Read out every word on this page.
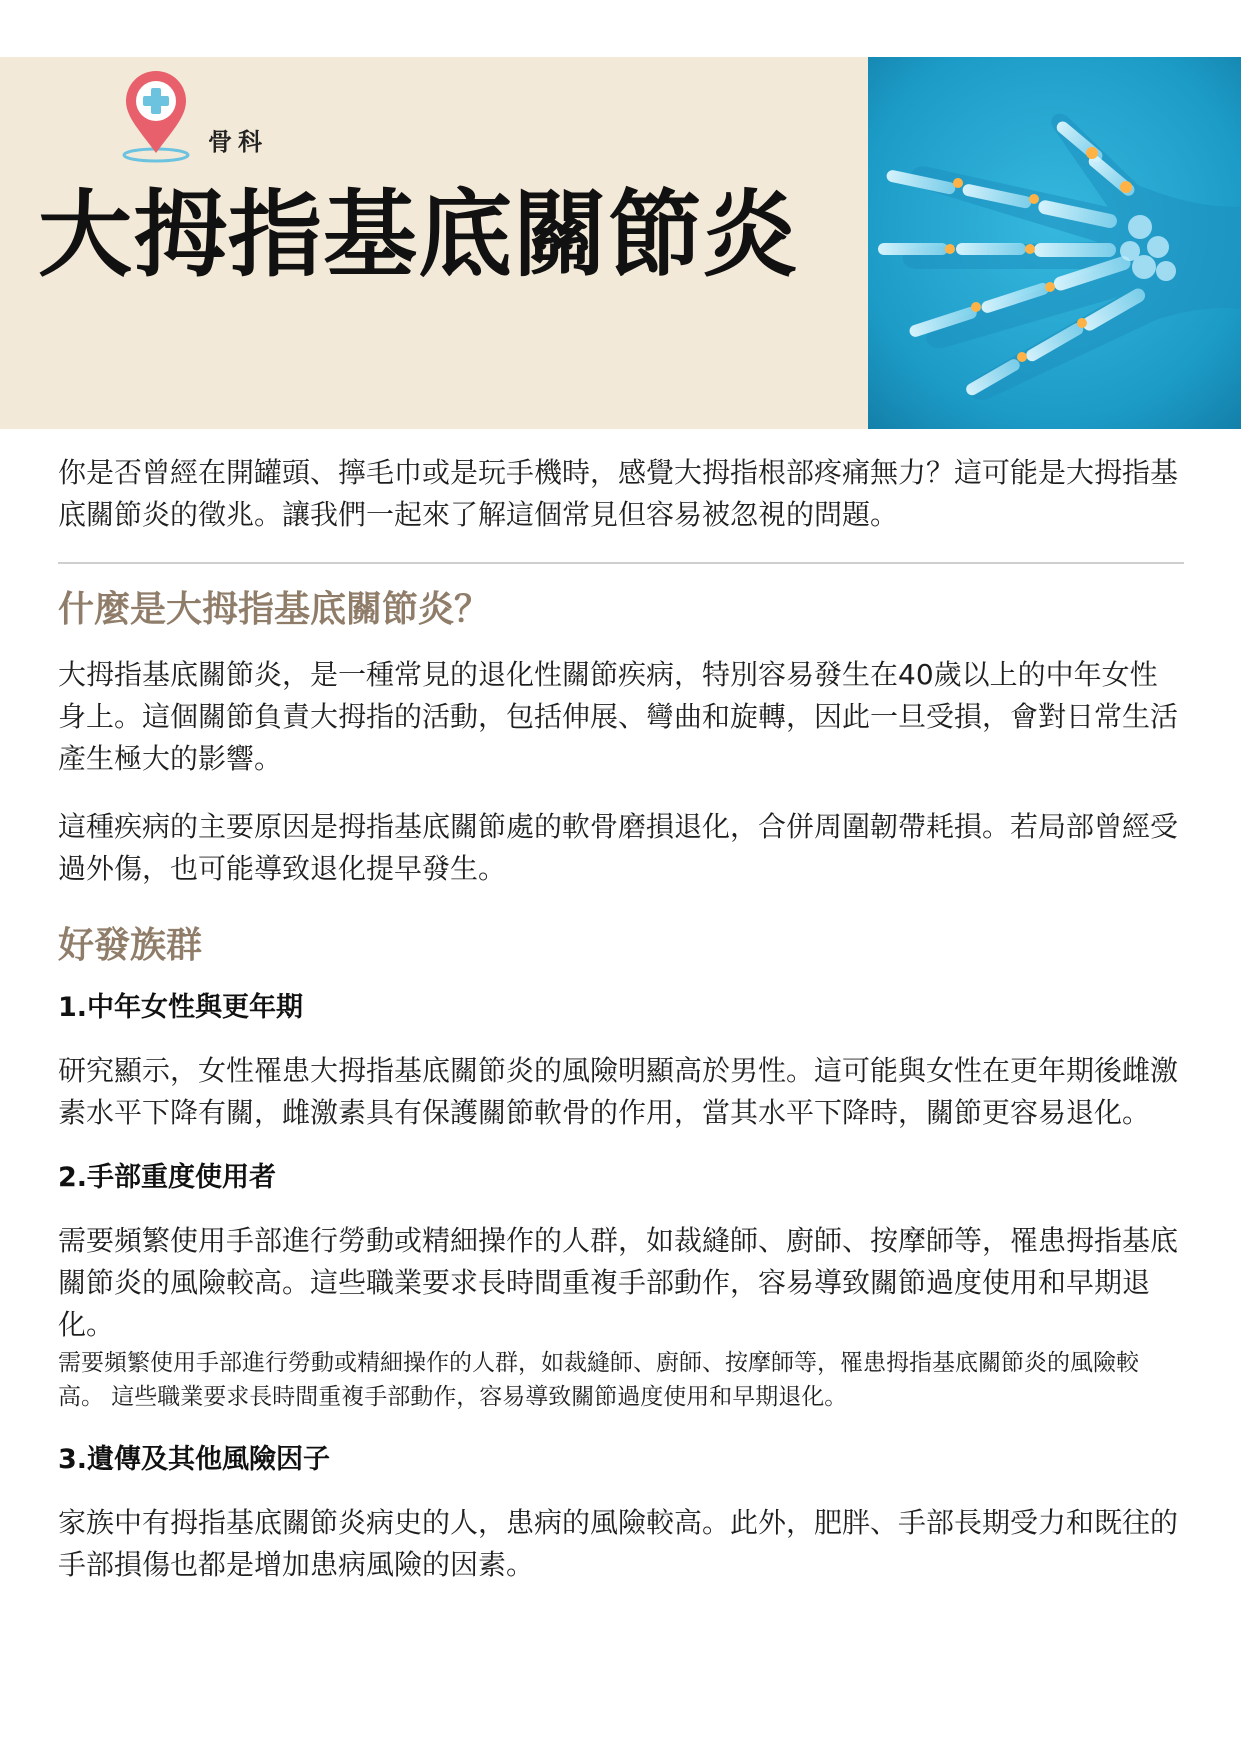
骨科
大拇指基底關節炎

你是否曾經在開罐頭、擰毛巾或是玩手機時，感覺大拇指根部疼痛無力？這可能是大拇指基底關節炎的徵兆。讓我們一起來了解這個常見但容易被忽視的問題。

什麼是大拇指基底關節炎？

大拇指基底關節炎，是一種常見的退化性關節疾病，特別容易發生在40歲以上的中年女性身上。這個關節負責大拇指的活動，包括伸展、彎曲和旋轉，因此一旦受損，會對日常生活產生極大的影響。

這種疾病的主要原因是拇指基底關節處的軟骨磨損退化，合併周圍韌帶耗損。若局部曾經受過外傷，也可能導致退化提早發生。

好發族群
1.中年女性與更年期

研究顯示，女性罹患大拇指基底關節炎的風險明顯高於男性。這可能與女性在更年期後雌激素水平下降有關，雌激素具有保護關節軟骨的作用，當其水平下降時，關節更容易退化。

2.手部重度使用者

需要頻繁使用手部進行勞動或精細操作的人群，如裁縫師、廚師、按摩師等，罹患拇指基底關節炎的風險較高。這些職業要求長時間重複手部動作，容易導致關節過度使用和早期退化。

需要頻繁使用手部進行勞動或精細操作的人群，如裁縫師、廚師、按摩師等，罹患拇指基底關節炎的風險較高。 這些職業要求長時間重複手部動作，容易導致關節過度使用和早期退化。

3.遺傳及其他風險因子

家族中有拇指基底關節炎病史的人，患病的風險較高。此外，肥胖、手部長期受力和既往的手部損傷也都是增加患病風險的因素。
